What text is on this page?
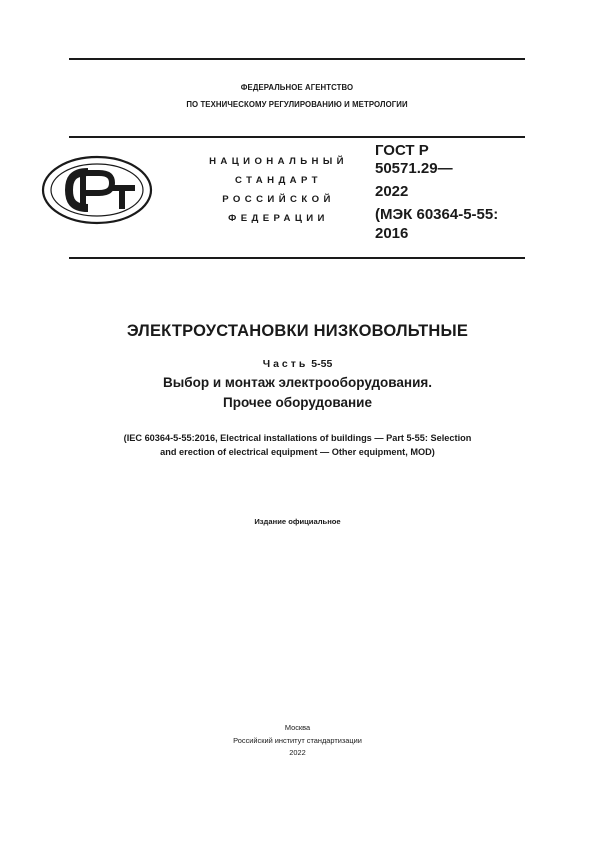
ФЕДЕРАЛЬНОЕ АГЕНТСТВО
ПО ТЕХНИЧЕСКОМУ РЕГУЛИРОВАНИЮ И МЕТРОЛОГИИ
НАЦИОНАЛЬНЫЙ
СТАНДАРТ
РОССИЙСКОЙ
ФЕДЕРАЦИИ
ГОСТ Р
50571.29—
2022
(МЭК 60364-5-55:
2016
ЭЛЕКТРОУСТАНОВКИ НИЗКОВОЛЬТНЫЕ
Часть 5-55
Выбор и монтаж электрооборудования.
Прочее оборудование
(IEC 60364-5-55:2016, Electrical installations of buildings — Part 5-55: Selection
and erection of electrical equipment — Other equipment, MOD)
Издание официальное
Москва
Российский институт стандартизации
2022
